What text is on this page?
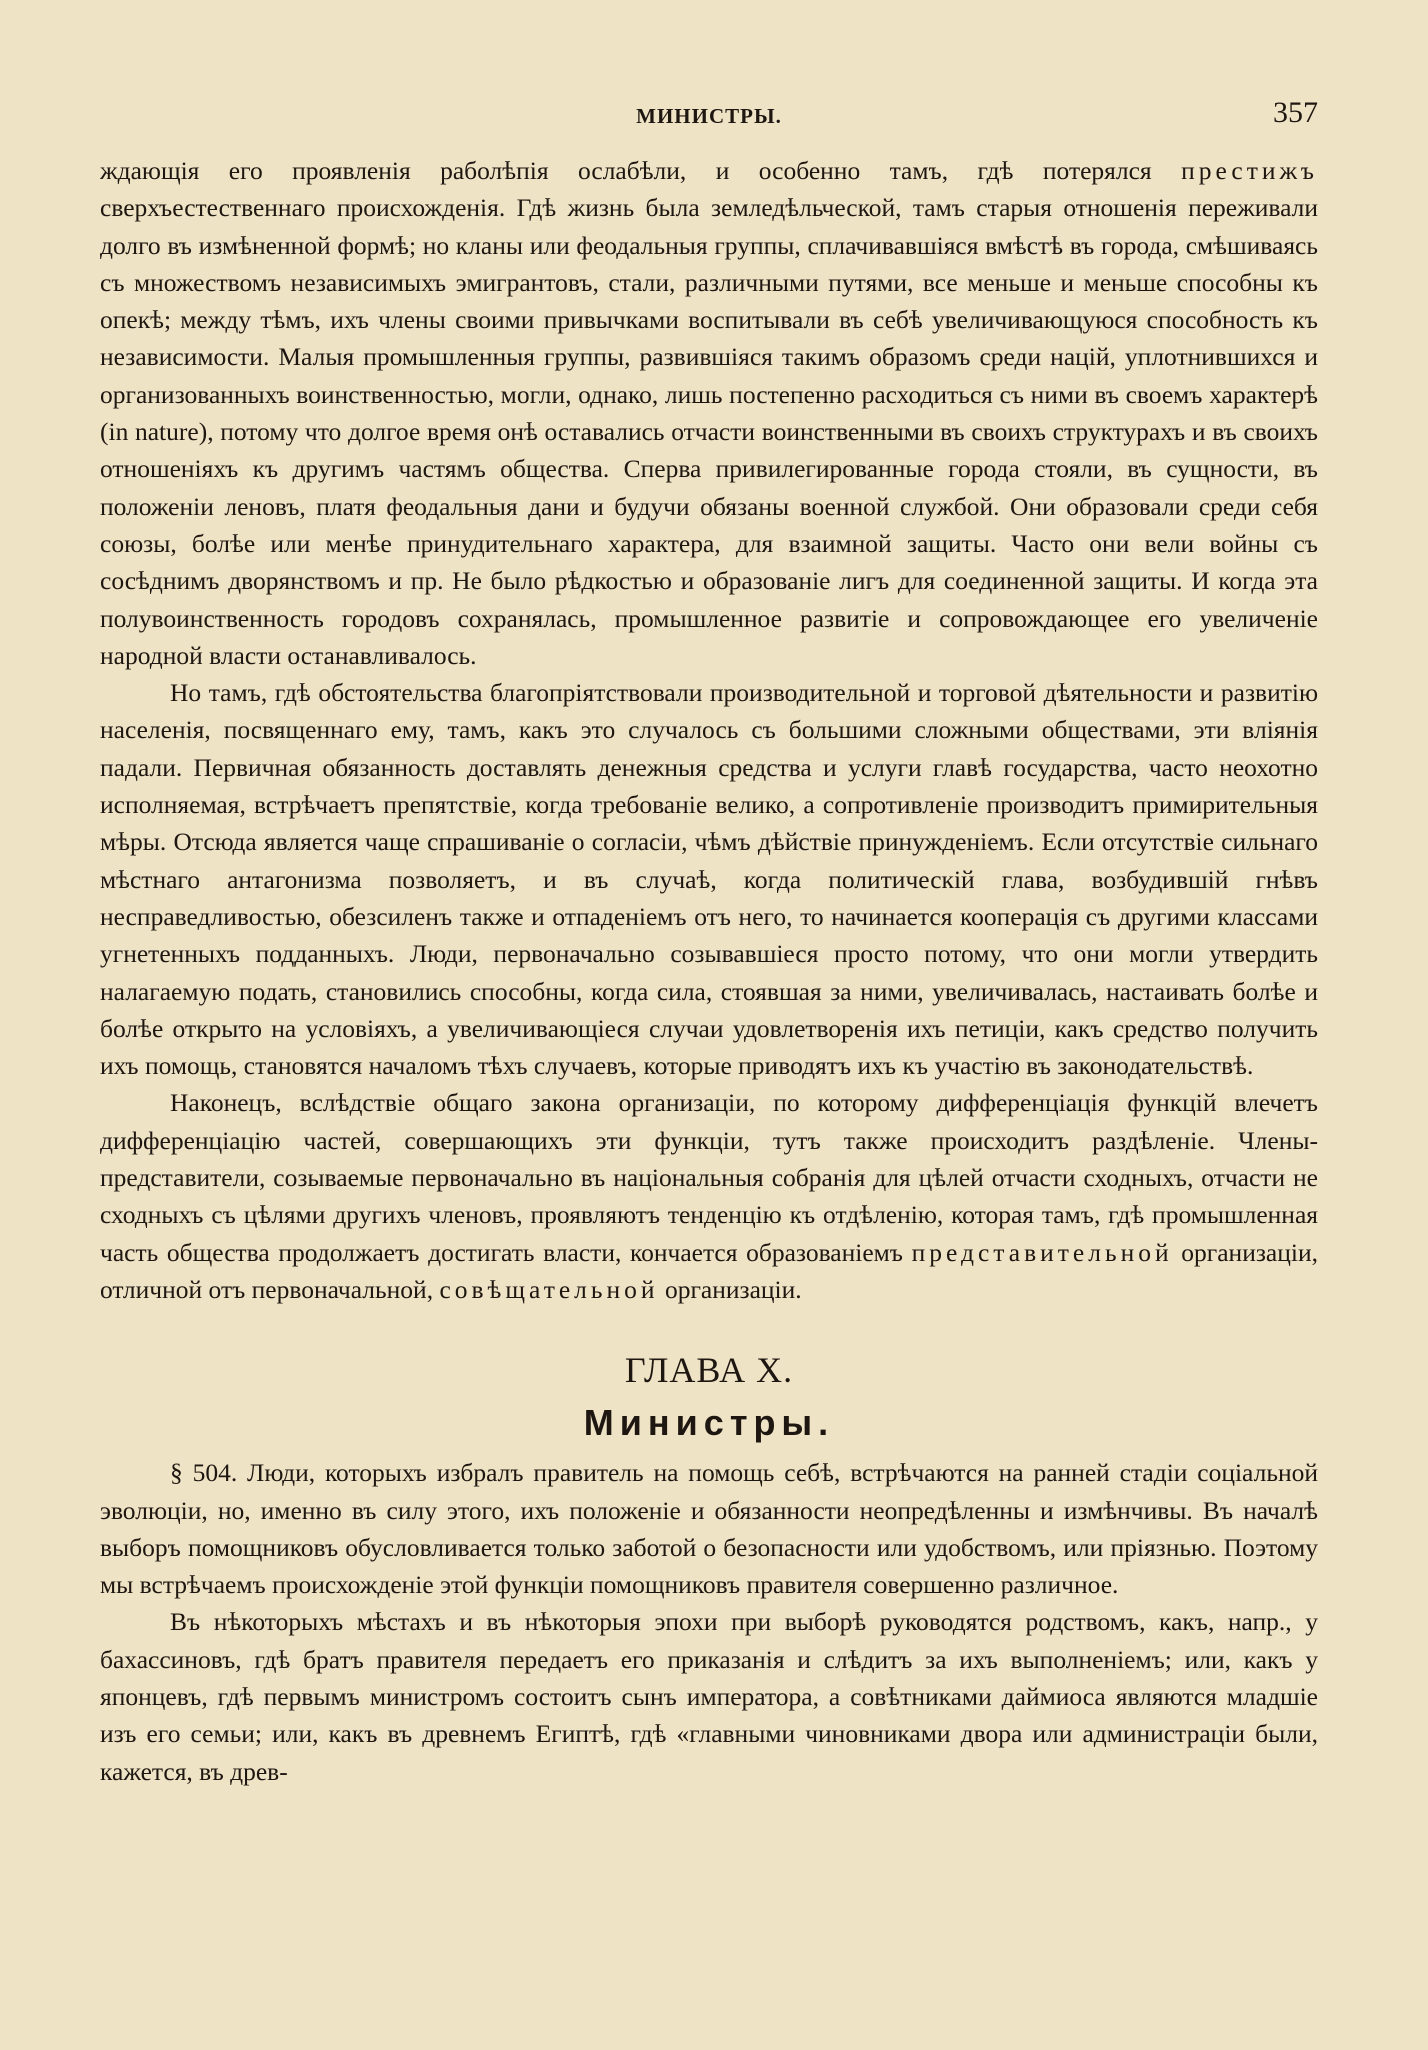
МИНИСТРЫ.	357

ждающія его проявленія раболѣпія ослабѣли, и особенно тамъ, гдѣ потерялся престижъ сверхъестественнаго происхожденія. Гдѣ жизнь была земледѣльческой, тамъ старыя отношенія переживали долго въ измѣненной формѣ; но кланы или феодальныя группы, сплачивавшіяся вмѣстѣ въ города, смѣшиваясь съ множествомъ независимыхъ эмигрантовъ, стали, различными путями, все меньше и меньше способны къ опекѣ; между тѣмъ, ихъ члены своими привычками воспитывали въ себѣ увеличивающуюся способность къ независимости. Малыя промышленныя группы, развившіяся такимъ образомъ среди націй, уплотнившихся и организованныхъ воинственностью, могли, однако, лишь постепенно расходиться съ ними въ своемъ характерѣ (in nature), потому что долгое время онѣ оставались отчасти воинственными въ своихъ структурахъ и въ своихъ отношеніяхъ къ другимъ частямъ общества. Сперва привилегированные города стояли, въ сущности, въ положеніи леновъ, платя феодальныя дани и будучи обязаны военной службой. Они образовали среди себя союзы, болѣе или менѣе принудительнаго характера, для взаимной защиты. Часто они вели войны съ сосѣднимъ дворянствомъ и пр. Не было рѣдкостью и образованіе лигъ для соединенной защиты. И когда эта полувоинственность городовъ сохранялась, промышленное развитіе и сопровождающее его увеличеніе народной власти останавливалось.

Но тамъ, гдѣ обстоятельства благопріятствовали производительной и торговой дѣятельности и развитію населенія, посвященнаго ему, тамъ, какъ это случалось съ большими сложными обществами, эти вліянія падали. Первичная обязанность доставлять денежныя средства и услуги главѣ государства, часто неохотно исполняемая, встрѣчаетъ препятствіе, когда требованіе велико, а сопротивленіе производитъ примирительныя мѣры. Отсюда является чаще спрашиваніе о согласіи, чѣмъ дѣйствіе принужденіемъ. Если отсутствіе сильнаго мѣстнаго антагонизма позволяетъ, и въ случаѣ, когда политическій глава, возбудившій гнѣвъ несправедливостью, обезсиленъ также и отпаденіемъ отъ него, то начинается кооперація съ другими классами угнетенныхъ подданныхъ. Люди, первоначально созывавшіеся просто потому, что они могли утвердить налагаемую подать, становились способны, когда сила, стоявшая за ними, увеличивалась, настаивать болѣе и болѣе открыто на условіяхъ, а увеличивающіеся случаи удовлетворенія ихъ петиціи, какъ средство получить ихъ помощь, становятся началомъ тѣхъ случаевъ, которые приводятъ ихъ къ участію въ законодательствѣ.

Наконецъ, вслѣдствіе общаго закона организаціи, по которому дифференціація функцій влечетъ дифференціацію частей, совершающихъ эти функціи, тутъ также происходитъ раздѣленіе. Члены-представители, созываемые первоначально въ національныя собранія для цѣлей отчасти сходныхъ, отчасти не сходныхъ съ цѣлями другихъ членовъ, проявляютъ тенденцію къ отдѣленію, которая тамъ, гдѣ промышленная часть общества продолжаетъ достигать власти, кончается образованіемъ представительной организаціи, отличной отъ первоначальной, совѣщательной организаціи.

ГЛАВА X.
Министры.

§ 504. Люди, которыхъ избралъ правитель на помощь себѣ, встрѣчаются на ранней стадіи соціальной эволюціи, но, именно въ силу этого, ихъ положеніе и обязанности неопредѣленны и измѣнчивы. Въ началѣ выборъ помощниковъ обусловливается только заботой о безопасности или удобствомъ, или пріязнью. Поэтому мы встрѣчаемъ происхожденіе этой функціи помощниковъ правителя совершенно различное.

Въ нѣкоторыхъ мѣстахъ и въ нѣкоторыя эпохи при выборѣ руководятся родствомъ, какъ, напр., у бахассиновъ, гдѣ братъ правителя передаетъ его приказанія и слѣдитъ за ихъ выполненіемъ; или, какъ у японцевъ, гдѣ первымъ министромъ состоитъ сынъ императора, а совѣтниками даймиоса являются младшіе изъ его семьи; или, какъ въ древнемъ Египтѣ, гдѣ «главными чиновниками двора или администраціи были, кажется, въ древ-
